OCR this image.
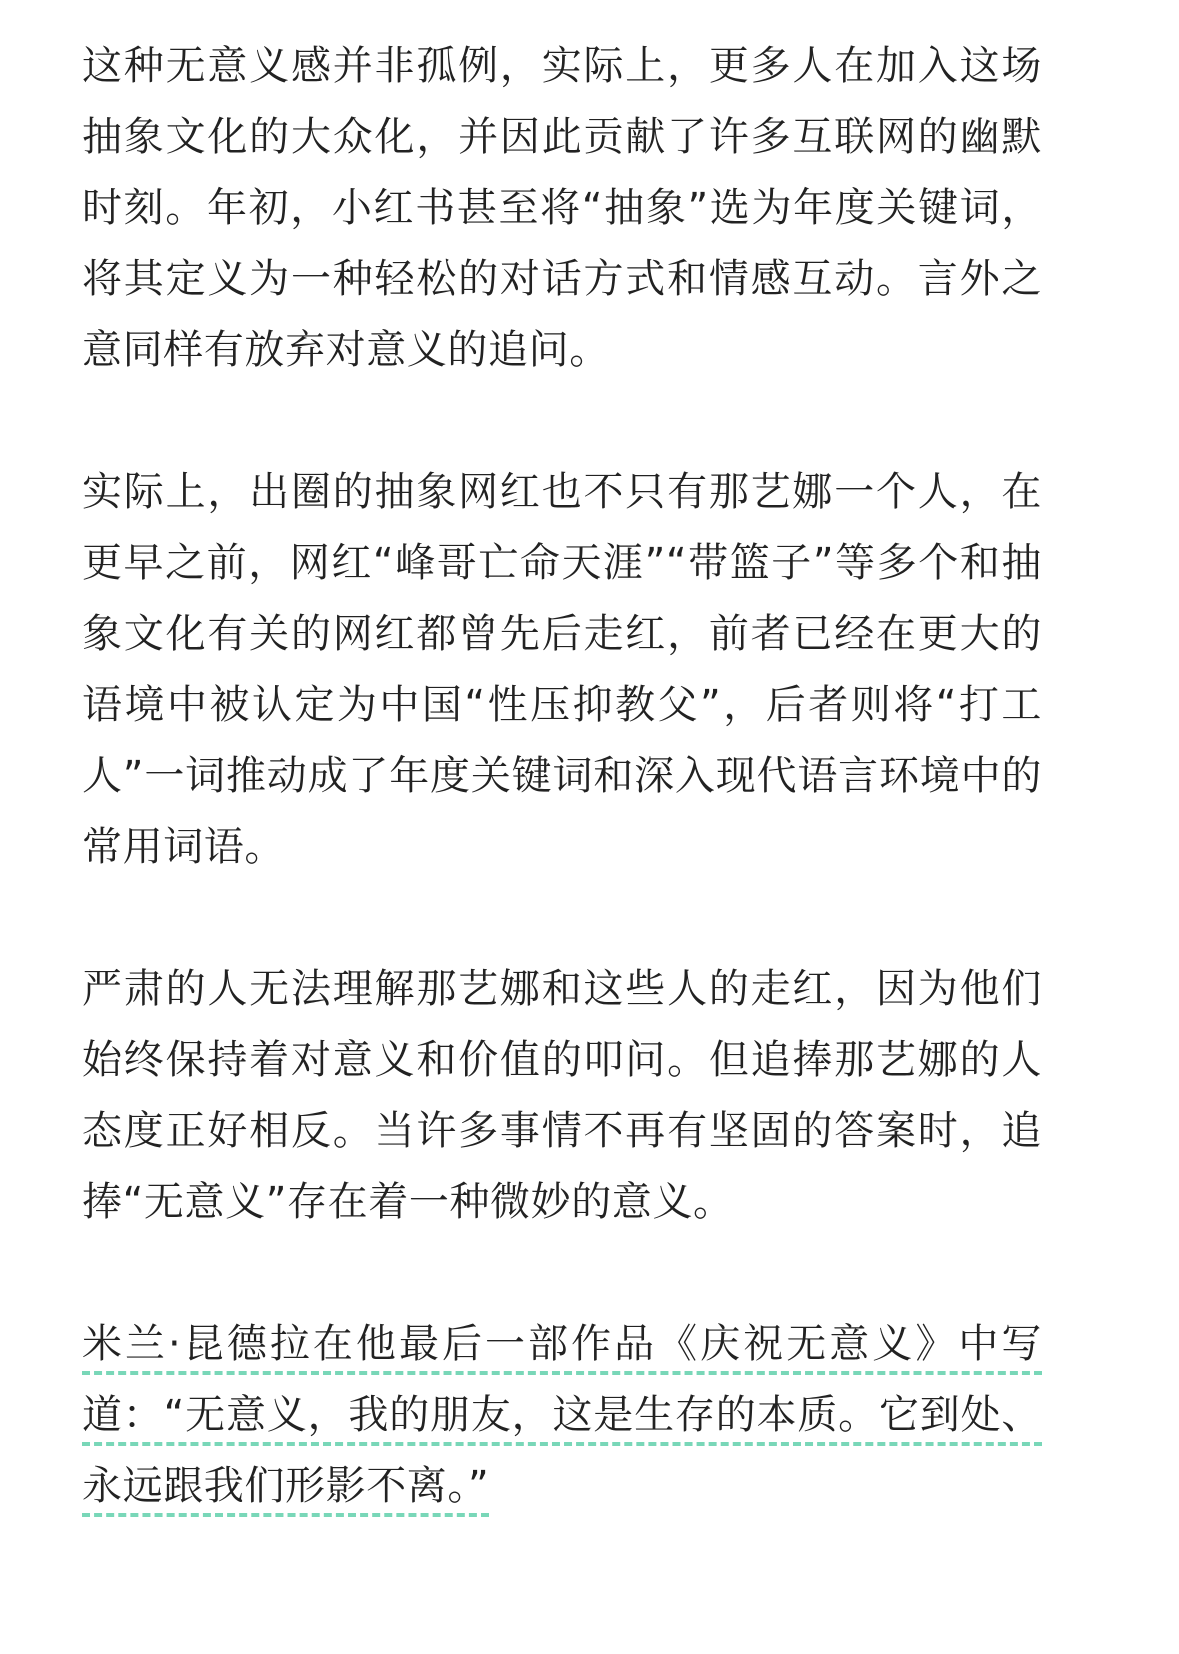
这种无意义感并非孤例，实际上，更多人在加入这场抽象文化的大众化，并因此贡献了许多互联网的幽默时刻。年初，小红书甚至将“抽象”选为年度关键词，将其定义为一种轻松的对话方式和情感互动。言外之意同样有放弃对意义的追问。

实际上，出圈的抽象网红也不只有那艺娜一个人，在更早之前，网红“峰哥亡命天涯”“带篮子”等多个和抽象文化有关的网红都曾先后走红，前者已经在更大的语境中被认定为中国“性压抑教父”，后者则将“打工人”一词推动成了年度关键词和深入现代语言环境中的常用词语。

严肃的人无法理解那艺娜和这些人的走红，因为他们始终保持着对意义和价值的叩问。但追捧那艺娜的人态度正好相反。当许多事情不再有坚固的答案时，追捧“无意义”存在着一种微妙的意义。

米兰·昆德拉在他最后一部作品《庆祝无意义》中写道：“无意义，我的朋友，这是生存的本质。它到处、永远跟我们形影不离。”
